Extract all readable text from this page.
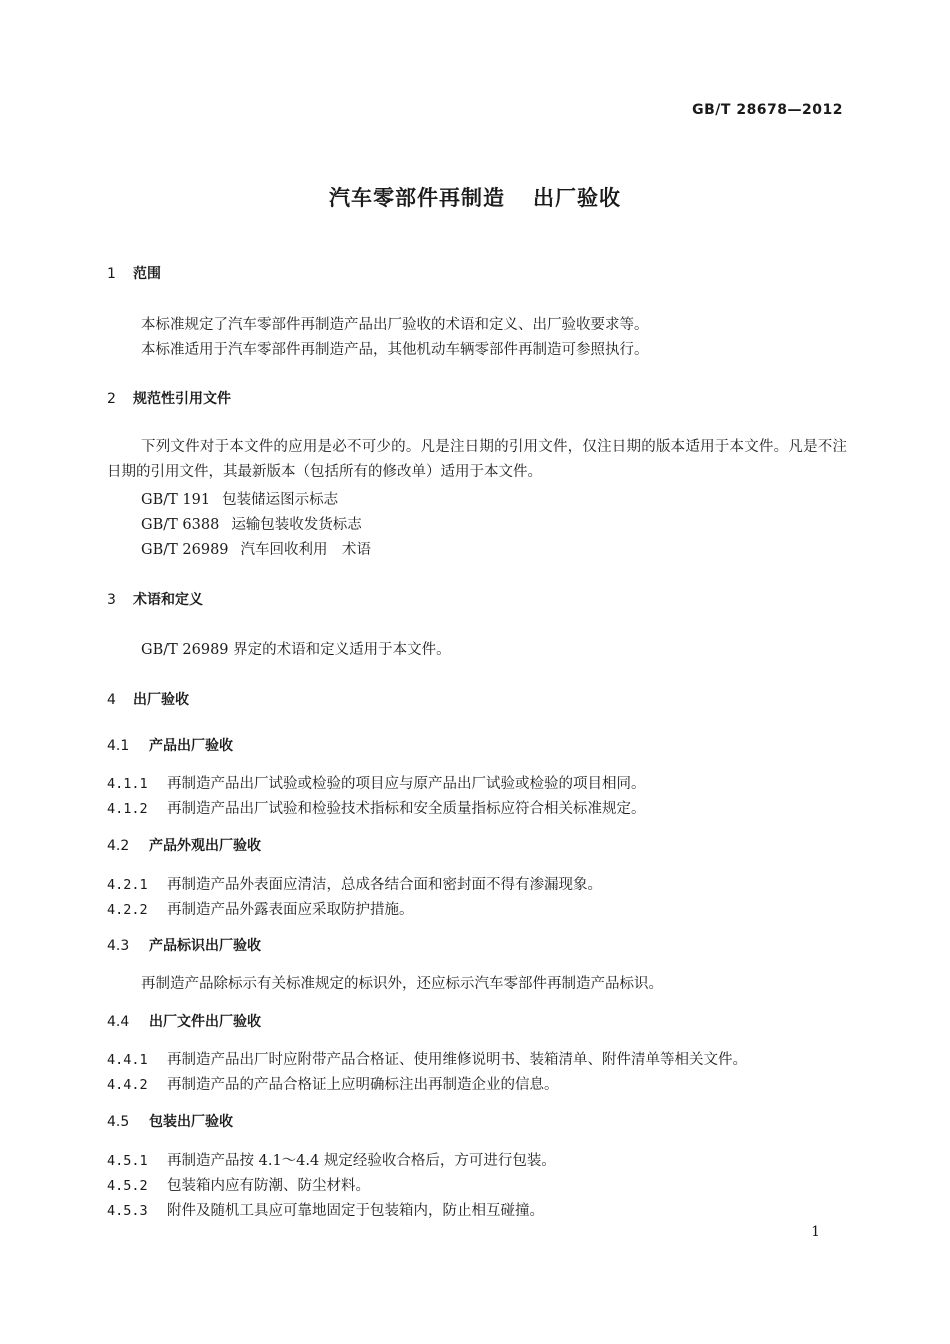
GB/T 28678—2012
汽车零部件再制造 出厂验收
1 范围
本标准规定了汽车零部件再制造产品出厂验收的术语和定义、出厂验收要求等。
本标准适用于汽车零部件再制造产品，其他机动车辆零部件再制造可参照执行。
2 规范性引用文件
下列文件对于本文件的应用是必不可少的。凡是注日期的引用文件，仅注日期的版本适用于本文件。凡是不注日期的引用文件，其最新版本（包括所有的修改单）适用于本文件。
GB/T 191 包装储运图示标志
GB/T 6388 运输包装收发货标志
GB/T 26989 汽车回收利用　术语
3 术语和定义
GB/T 26989 界定的术语和定义适用于本文件。
4 出厂验收
4.1 产品出厂验收
4.1.1 再制造产品出厂试验或检验的项目应与原产品出厂试验或检验的项目相同。
4.1.2 再制造产品出厂试验和检验技术指标和安全质量指标应符合相关标准规定。
4.2 产品外观出厂验收
4.2.1 再制造产品外表面应清洁，总成各结合面和密封面不得有渗漏现象。
4.2.2 再制造产品外露表面应采取防护措施。
4.3 产品标识出厂验收
再制造产品除标示有关标准规定的标识外，还应标示汽车零部件再制造产品标识。
4.4 出厂文件出厂验收
4.4.1 再制造产品出厂时应附带产品合格证、使用维修说明书、装箱清单、附件清单等相关文件。
4.4.2 再制造产品的产品合格证上应明确标注出再制造企业的信息。
4.5 包装出厂验收
4.5.1 再制造产品按 4.1～4.4 规定经验收合格后，方可进行包装。
4.5.2 包装箱内应有防潮、防尘材料。
4.5.3 附件及随机工具应可靠地固定于包装箱内，防止相互碰撞。
1
